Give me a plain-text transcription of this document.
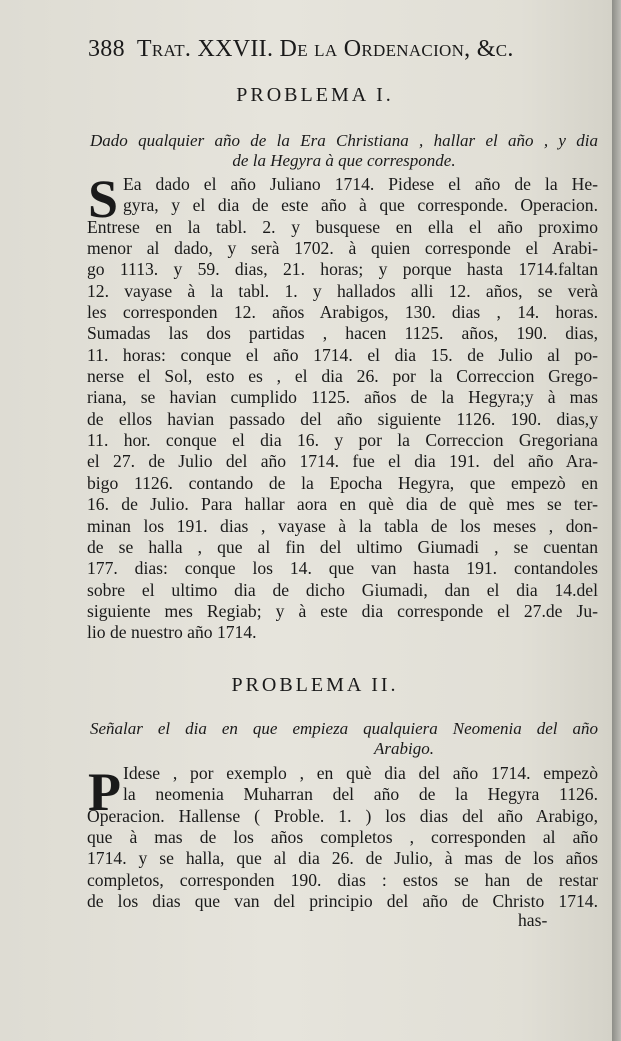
388 Trat. XXVII. De la Ordenacion, &c.
PROBLEMA I.
Dado qualquier año de la Era Christiana , hallar el año , y dia
de la Hegyra à que corresponde.
S Ea dado el año Juliano 1714. Pidese el año de la He-
gyra, y el dia de este año à que corresponde. Operacion.
Entrese en la tabl. 2. y busquese en ella el año proximo
menor al dado, y serà 1702. à quien corresponde el Arabi-
go 1113. y 59. dias, 21. horas; y porque hasta 1714.faltan
12. vayase à la tabl. 1. y hallados alli 12. años, se verà
les corresponden 12. años Arabigos, 130. dias , 14. horas.
Sumadas las dos partidas , hacen 1125. años, 190. dias,
11. horas: conque el año 1714. el dia 15. de Julio al po-
nerse el Sol, esto es , el dia 26. por la Correccion Grego-
riana, se havian cumplido 1125. años de la Hegyra;y à mas
de ellos havian passado del año siguiente 1126. 190. dias,y
11. hor. conque el dia 16. y por la Correccion Gregoriana
el 27. de Julio del año 1714. fue el dia 191. del año Ara-
bigo 1126. contando de la Epocha Hegyra, que empezò en
16. de Julio. Para hallar aora en què dia de què mes se ter-
minan los 191. dias , vayase à la tabla de los meses , don-
de se halla , que al fin del ultimo Giumadi , se cuentan
177. dias: conque los 14. que van hasta 191. contandoles
sobre el ultimo dia de dicho Giumadi, dan el dia 14.del
siguiente mes Regiab; y à este dia corresponde el 27.de Ju-
lio de nuestro año 1714.
PROBLEMA II.
Señalar el dia en que empieza qualquiera Neomenia del año
Arabigo.
P Idese , por exemplo , en què dia del año 1714. empezò
la neomenia Muharran del año de la Hegyra 1126.
Operacion. Hallense ( Proble. 1. ) los dias del año Arabigo,
que à mas de los años completos , corresponden al año
1714. y se halla, que al dia 26. de Julio, à mas de los años
completos, corresponden 190. dias : estos se han de restar
de los dias que van del principio del año de Christo 1714.
has-
